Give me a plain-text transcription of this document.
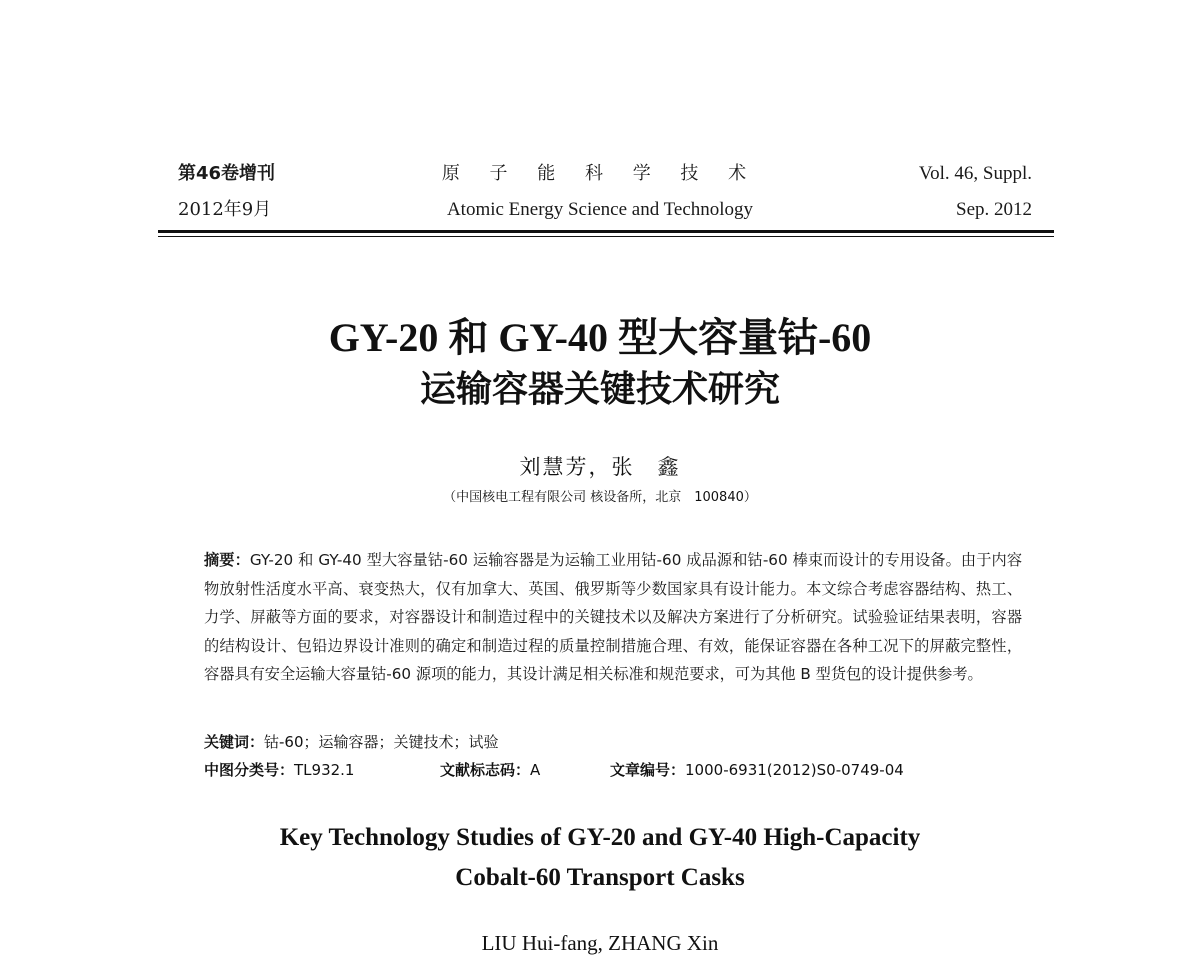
第46卷增刊
2012年9月
原 子 能 科 学 技 术
Atomic Energy Science and Technology
Vol. 46, Suppl.
Sep. 2012
GY-20 和 GY-40 型大容量钴-60
运输容器关键技术研究
刘慧芳，张　鑫
（中国核电工程有限公司 核设备所，北京　100840）
摘要：GY-20 和 GY-40 型大容量钴-60 运输容器是为运输工业用钴-60 成品源和钴-60 棒束而设计的专用设备。由于内容物放射性活度水平高、衰变热大，仅有加拿大、英国、俄罗斯等少数国家具有设计能力。本文综合考虑容器结构、热工、力学、屏蔽等方面的要求，对容器设计和制造过程中的关键技术以及解决方案进行了分析研究。试验验证结果表明，容器的结构设计、包铅边界设计准则的确定和制造过程的质量控制措施合理、有效，能保证容器在各种工况下的屏蔽完整性，容器具有安全运输大容量钴-60 源项的能力，其设计满足相关标准和规范要求，可为其他 B 型货包的设计提供参考。
关键词：钴-60；运输容器；关键技术；试验
中图分类号：TL932.1	文献标志码：A	文章编号：1000-6931(2012)S0-0749-04
Key Technology Studies of GY-20 and GY-40 High-Capacity
Cobalt-60 Transport Casks
LIU Hui-fang, ZHANG Xin
